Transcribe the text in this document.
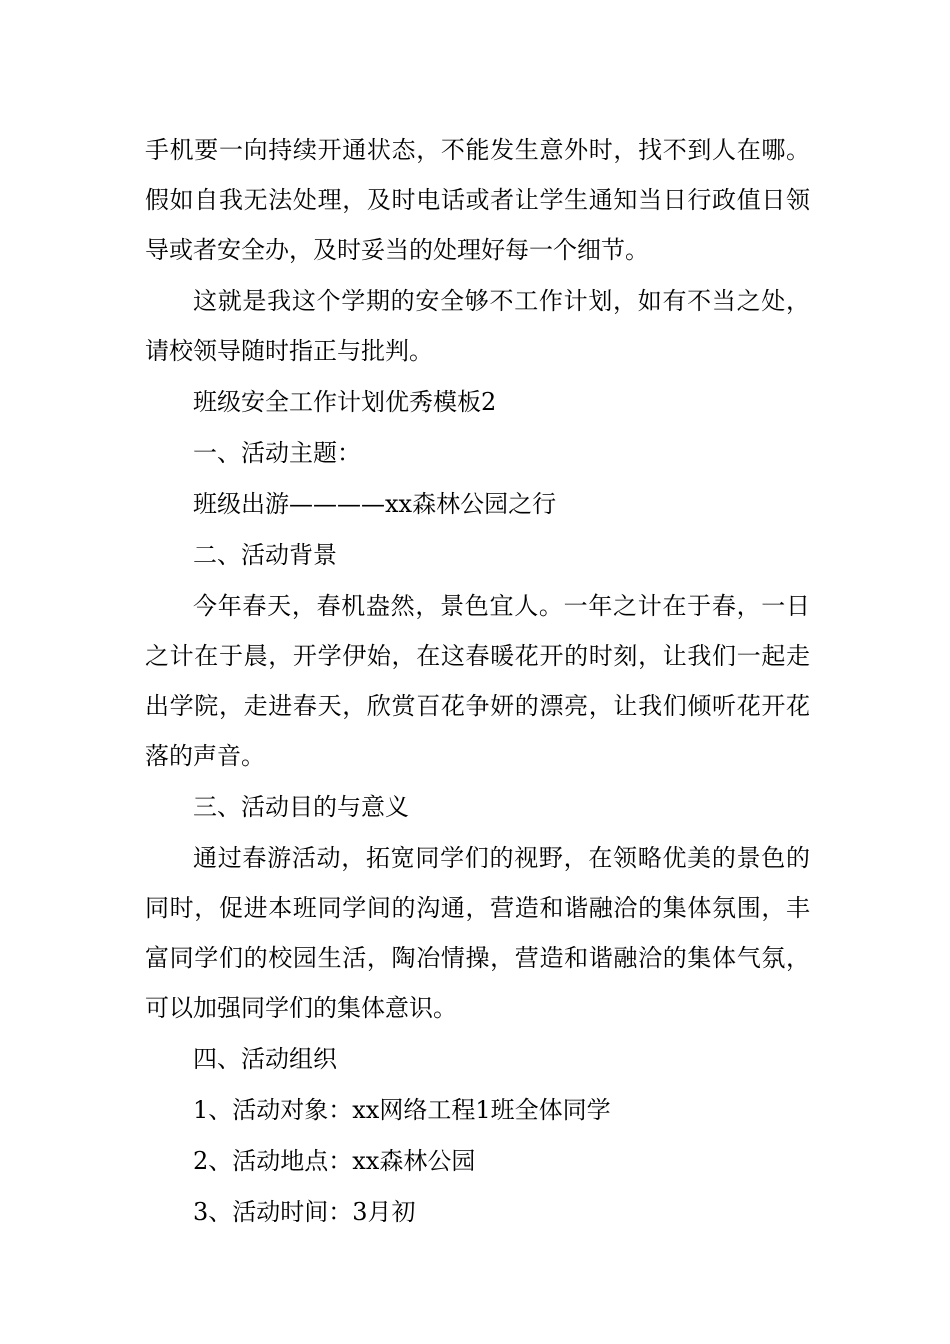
手机要一向持续开通状态，不能发生意外时，找不到人在哪。假如自我无法处理，及时电话或者让学生通知当日行政值日领导或者安全办，及时妥当的处理好每一个细节。

这就是我这个学期的安全够不工作计划，如有不当之处，请校领导随时指正与批判。

班级安全工作计划优秀模板2

一、活动主题：

班级出游————xx森林公园之行

二、活动背景

今年春天，春机盎然，景色宜人。一年之计在于春，一日之计在于晨，开学伊始，在这春暖花开的时刻，让我们一起走出学院，走进春天，欣赏百花争妍的漂亮，让我们倾听花开花落的声音。

三、活动目的与意义

通过春游活动，拓宽同学们的视野，在领略优美的景色的同时，促进本班同学间的沟通，营造和谐融洽的集体氛围，丰富同学们的校园生活，陶冶情操，营造和谐融洽的集体气氛，可以加强同学们的集体意识。

四、活动组织

1、活动对象：xx网络工程1班全体同学

2、活动地点：xx森林公园

3、活动时间：3月初
